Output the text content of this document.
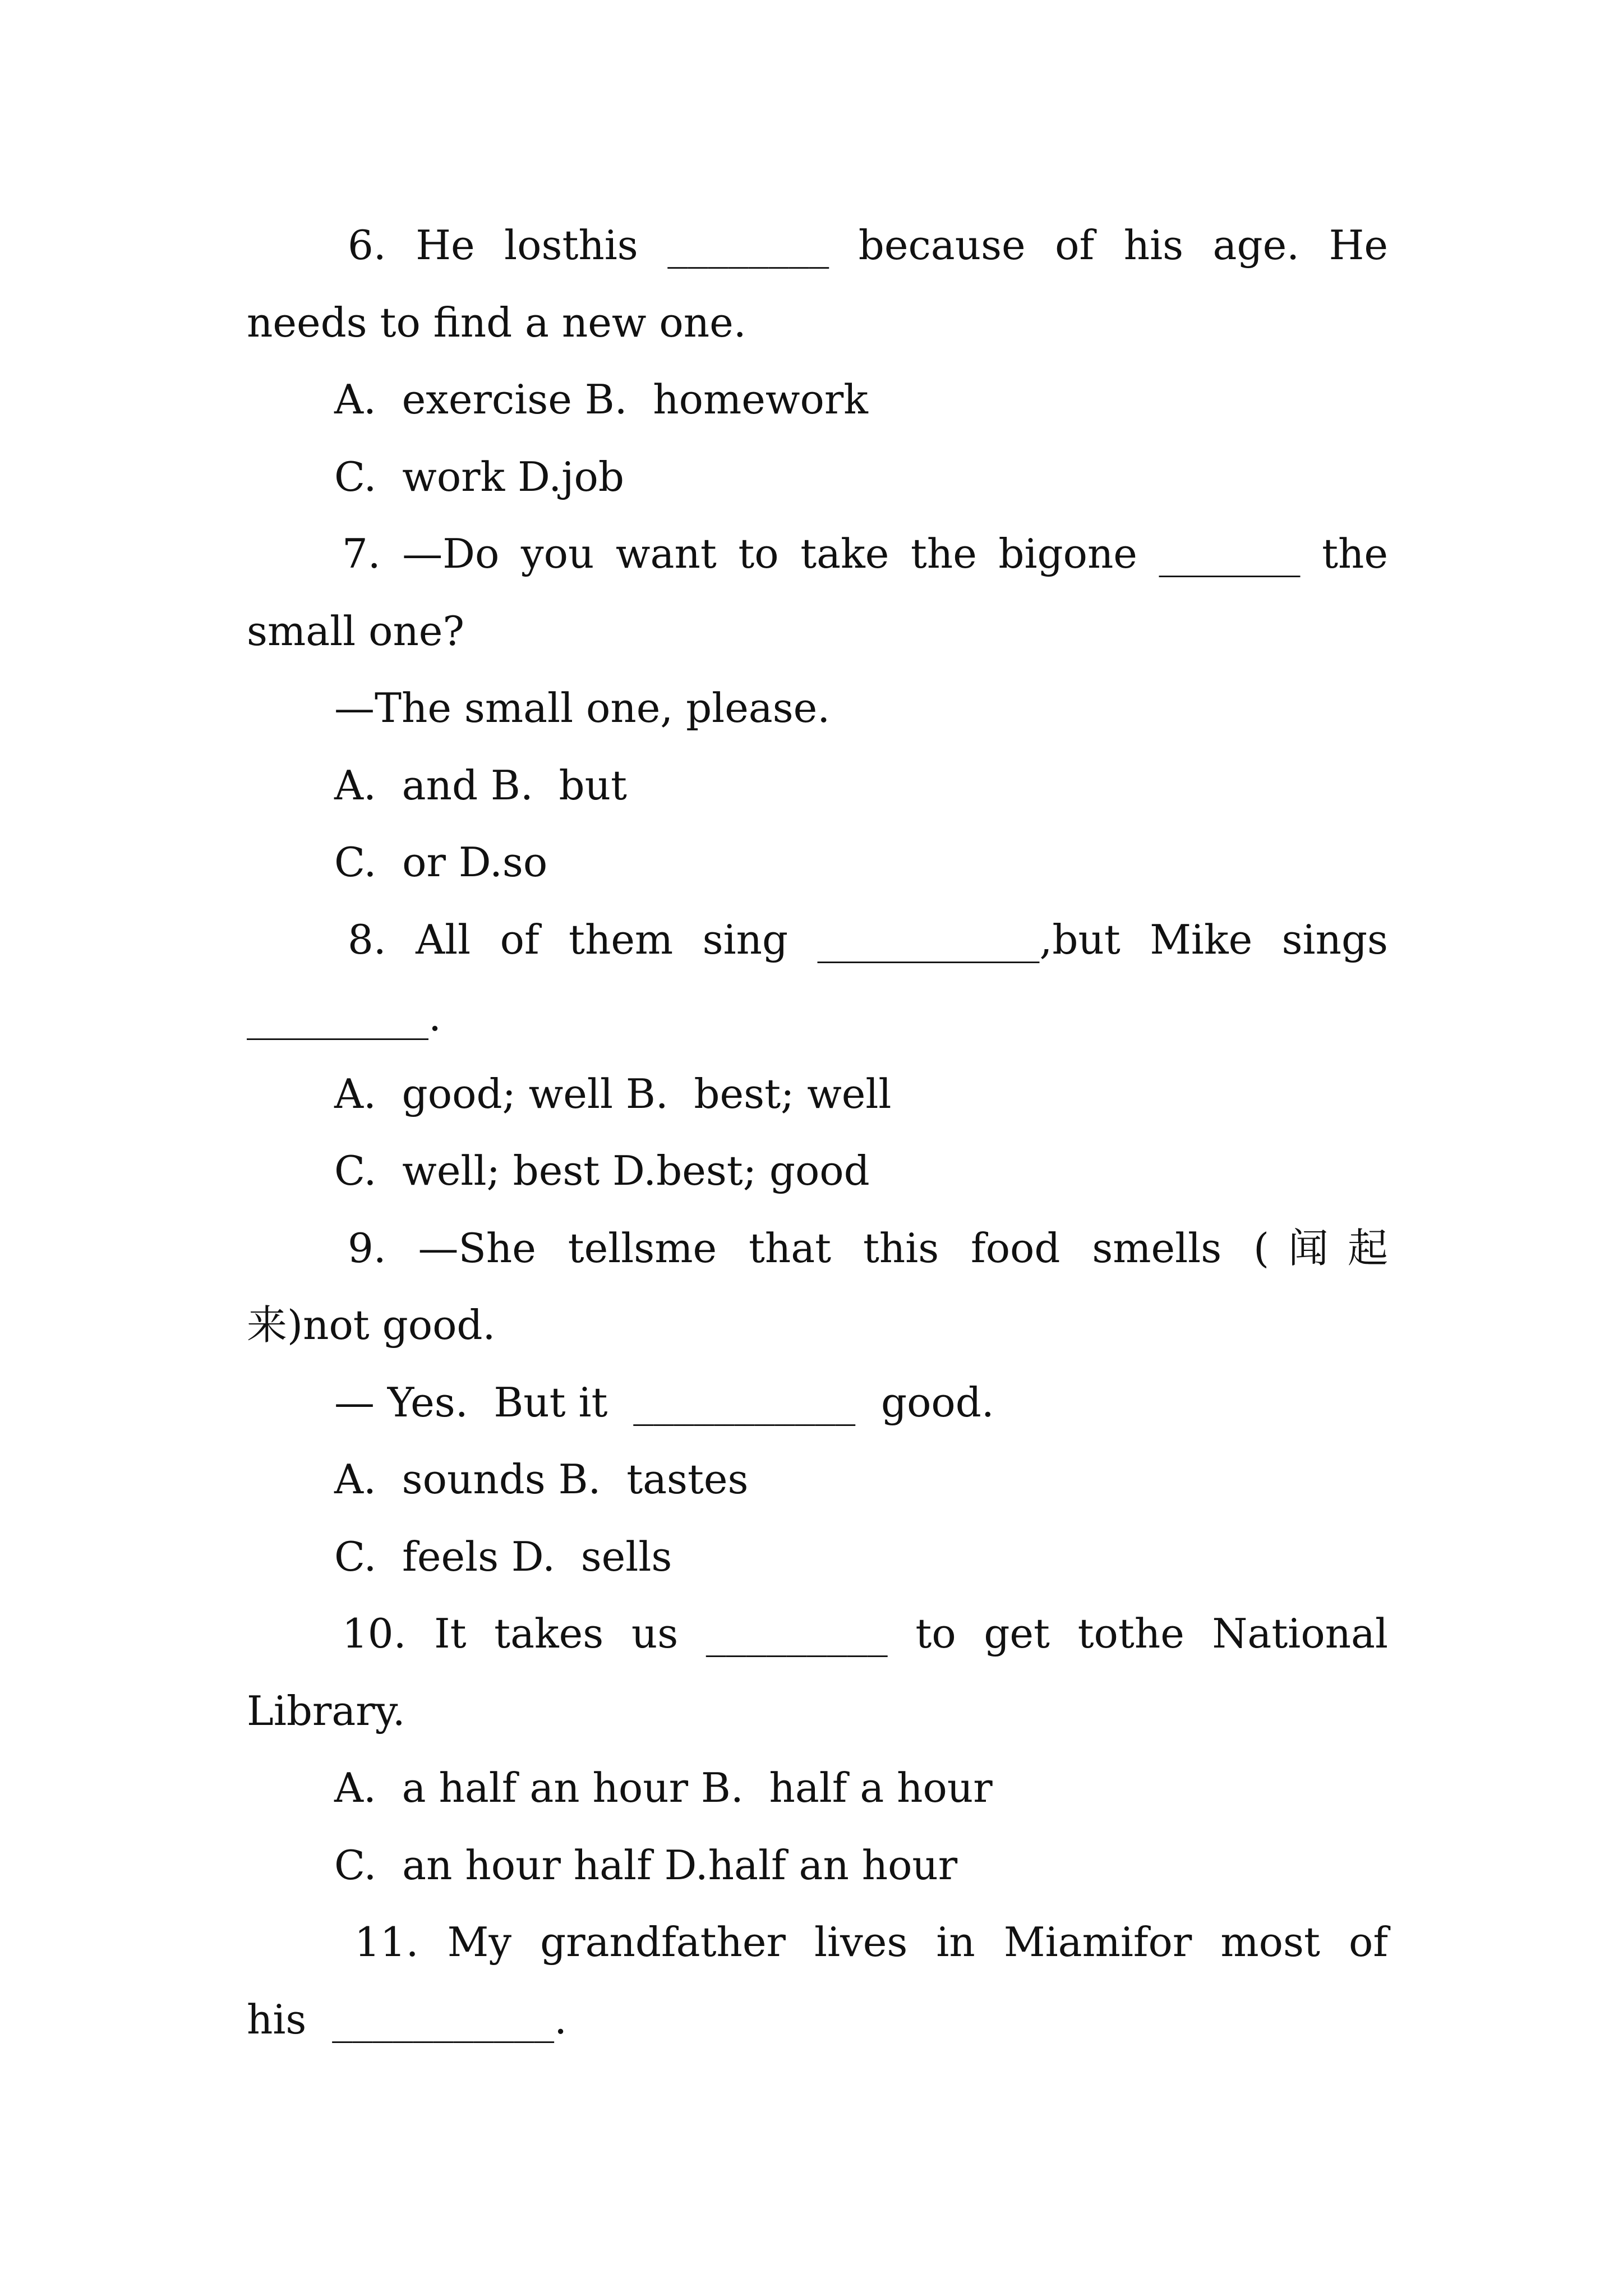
6. He losthis ________ because of his age. He
needs to find a new one.
A.  exercise B.  homework
C.  work D.job
7. —Do you want to take the bigone _______ the
small one?
—The small one, please.
A.  and B.  but
C.  or D.so
8. All of them sing ___________,but Mike sings
_________.
A.  good; well B.  best; well
C.  well; best D.best; good
9. —She tellsme that this food smells (闻起
来)not good.
— Yes.  But it  ___________  good.
A.  sounds B.  tastes
C.  feels D.  sells
10. It takes us _________ to get tothe National
Library.
A.  a half an hour B.  half a hour
C.  an hour half D.half an hour
11. My grandfather lives in Miamifor most of
his  ___________.
